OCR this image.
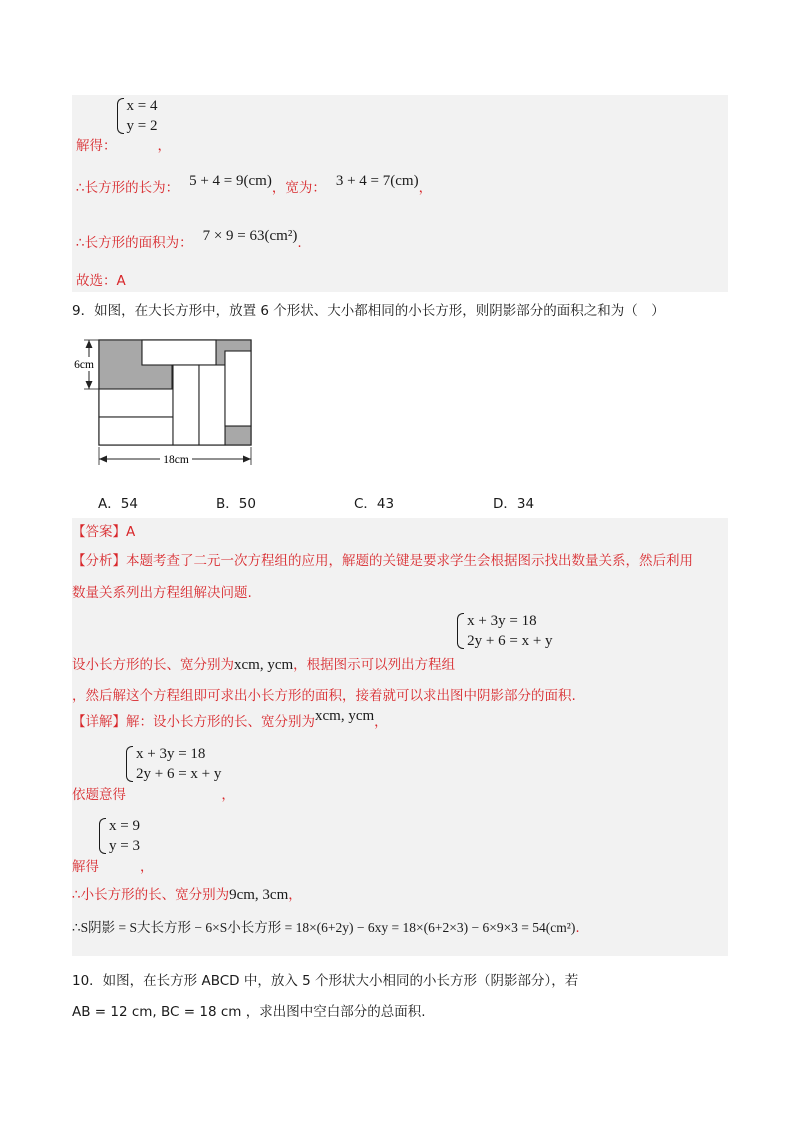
解得：
x = 4
y = 2
，
∴长方形的长为： 5 + 4 = 9(cm)，宽为： 3 + 4 = 7(cm)，
∴长方形的面积为： 7 × 9 = 63(cm²).
故选：A
9．如图，在大长方形中，放置 6 个形状、大小都相同的小长方形，则阴影部分的面积之和为（　）
6cm
18cm
A．54	B．50	C．43	D．34
【答案】A
【分析】本题考查了二元一次方程组的应用，解题的关键是要求学生会根据图示找出数量关系，然后利用
数量关系列出方程组解决问题.
设小长方形的长、宽分别为xcm, ycm，根据图示可以列出方程组
x + 3y = 18
2y + 6 = x + y
，然后解这个方程组即可求出小长方形的面积，接着就可以求出图中阴影部分的面积.
【详解】解：设小长方形的长、宽分别为xcm, ycm，
依题意得
x + 3y = 18
2y + 6 = x + y
，
解得
x = 9
y = 3
，
∴小长方形的长、宽分别为9cm, 3cm，
∴S阴影 = S大长方形 − 6×S小长方形 = 18×(6+2y) − 6xy = 18×(6+2×3) − 6×9×3 = 54(cm²).
10．如图，在长方形 ABCD 中，放入 5 个形状大小相同的小长方形（阴影部分），若
AB = 12 cm, BC = 18 cm ，求出图中空白部分的总面积.
